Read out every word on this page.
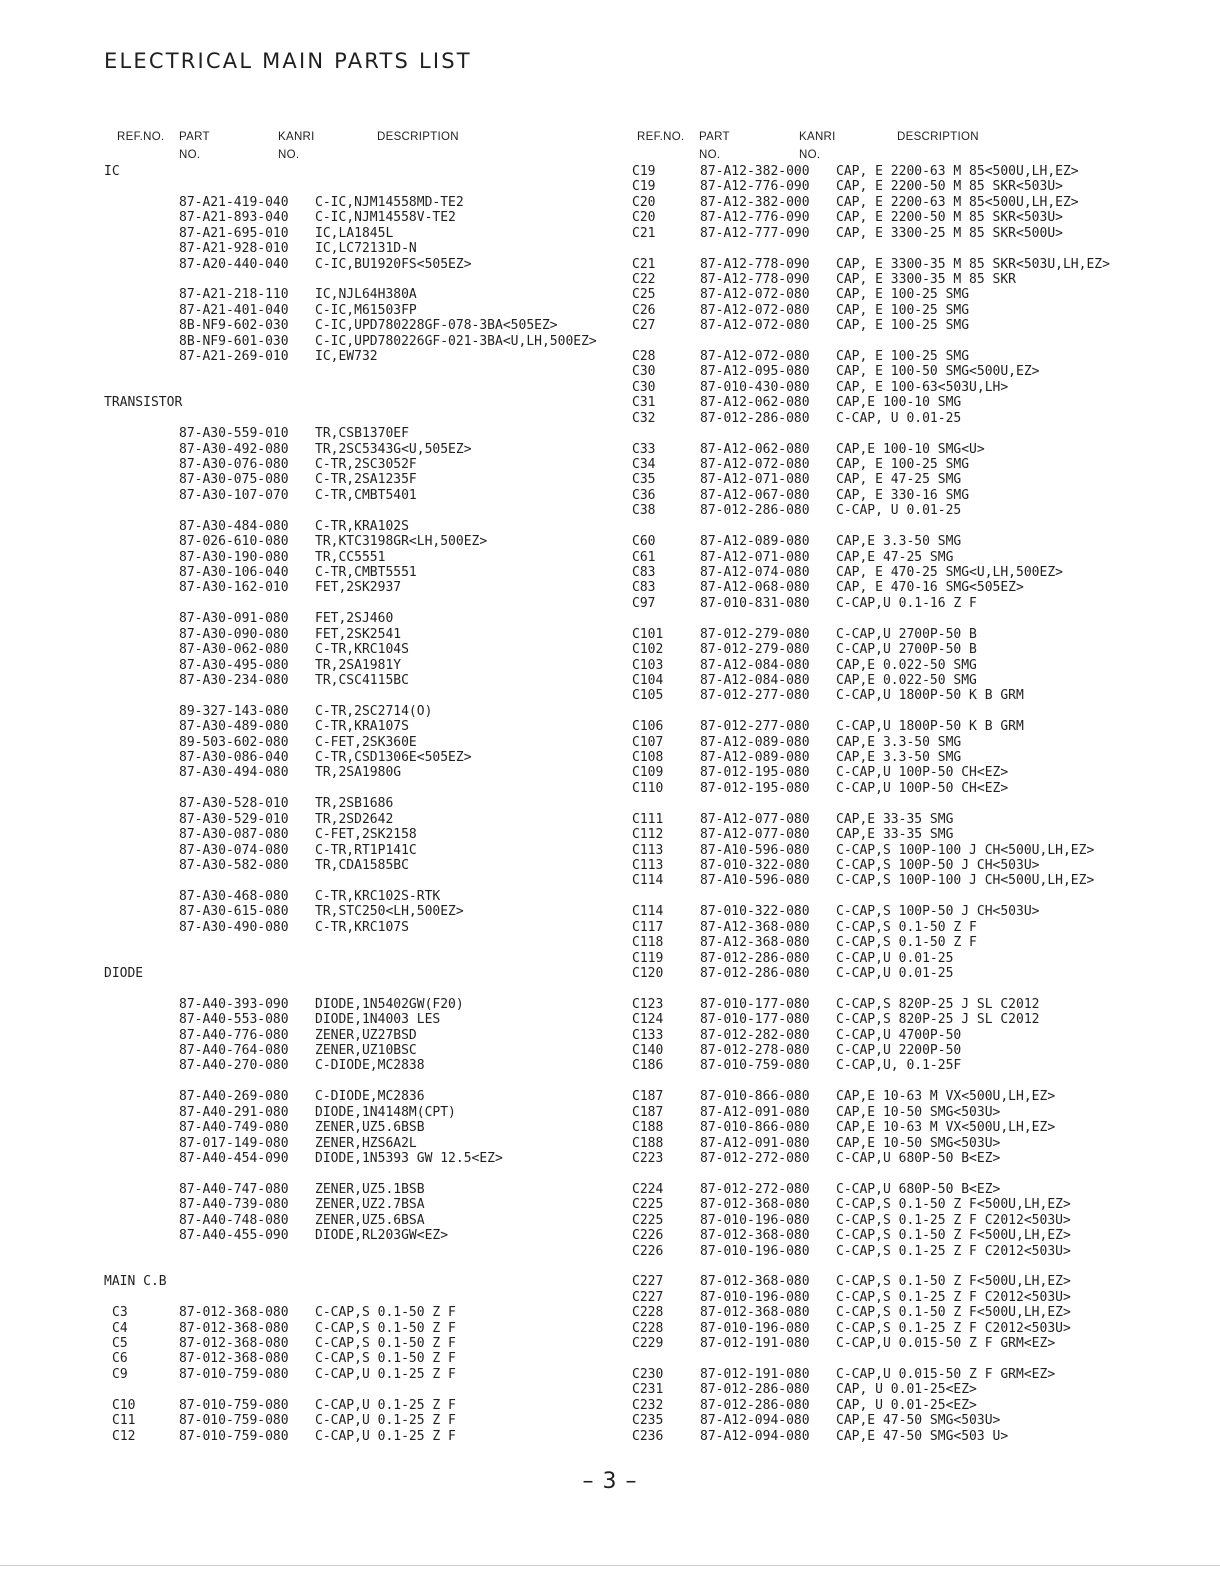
ELECTRICAL MAIN PARTS LIST
REF.NO. PART NO.
KANRI
NO.
DESCRIPTION
IC
87-A21-419-040 C-IC,NJM14558MD-TE2
87-A21-893-040 C-IC,NJM14558V-TE2
87-A21-695-010 IC,LA1845L
87-A21-928-010 IC,LC72131D-N
87-A20-440-040 C-IC,BU1920FS<505EZ>
87-A21-218-110 IC,NJL64H380A
87-A21-401-040 C-IC,M61503FP
8B-NF9-602-030 C-IC,UPD780228GF-078-3BA<505EZ>
8B-NF9-601-030 C-IC,UPD780226GF-021-3BA<U,LH,500EZ>
87-A21-269-010 IC,EW732
TRANSISTOR
87-A30-559-010 TR,CSB1370EF
87-A30-492-080 TR,2SC5343G<U,505EZ>
87-A30-076-080 C-TR,2SC3052F
87-A30-075-080 C-TR,2SA1235F
87-A30-107-070 C-TR,CMBT5401
87-A30-484-080 C-TR,KRA102S
87-026-610-080 TR,KTC3198GR<LH,500EZ>
87-A30-190-080 TR,CC5551
87-A30-106-040 C-TR,CMBT5551
87-A30-162-010 FET,2SK2937
87-A30-091-080 FET,2SJ460
87-A30-090-080 FET,2SK2541
87-A30-062-080 C-TR,KRC104S
87-A30-495-080 TR,2SA1981Y
87-A30-234-080 TR,CSC4115BC
89-327-143-080 C-TR,2SC2714(O)
87-A30-489-080 C-TR,KRA107S
89-503-602-080 C-FET,2SK360E
87-A30-086-040 C-TR,CSD1306E<505EZ>
87-A30-494-080 TR,2SA1980G
87-A30-528-010 TR,2SB1686
87-A30-529-010 TR,2SD2642
87-A30-087-080 C-FET,2SK2158
87-A30-074-080 C-TR,RT1P141C
87-A30-582-080 TR,CDA1585BC
87-A30-468-080 C-TR,KRC102S-RTK
87-A30-615-080 TR,STC250<LH,500EZ>
87-A30-490-080 C-TR,KRC107S
DIODE
87-A40-393-090 DIODE,1N5402GW(F20)
87-A40-553-080 DIODE,1N4003 LES
87-A40-776-080 ZENER,UZ27BSD
87-A40-764-080 ZENER,UZ10BSC
87-A40-270-080 C-DIODE,MC2838
87-A40-269-080 C-DIODE,MC2836
87-A40-291-080 DIODE,1N4148M(CPT)
87-A40-749-080 ZENER,UZ5.6BSB
87-017-149-080 ZENER,HZS6A2L
87-A40-454-090 DIODE,1N5393 GW 12.5<EZ>
87-A40-747-080 ZENER,UZ5.1BSB
87-A40-739-080 ZENER,UZ2.7BSA
87-A40-748-080 ZENER,UZ5.6BSA
87-A40-455-090 DIODE,RL203GW<EZ>
MAIN C.B
C3	87-012-368-080 C-CAP,S 0.1-50 Z F
C4	87-012-368-080 C-CAP,S 0.1-50 Z F
C5	87-012-368-080 C-CAP,S 0.1-50 Z F
C6	87-012-368-080 C-CAP,S 0.1-50 Z F
C9	87-010-759-080 C-CAP,U 0.1-25 Z F
C10	87-010-759-080 C-CAP,U 0.1-25 Z F
C11	87-010-759-080 C-CAP,U 0.1-25 Z F
C12	87-010-759-080 C-CAP,U 0.1-25 Z F
REF.NO. PART NO.
KANRI
NO.
DESCRIPTION
C19	87-A12-382-000 CAP, E 2200-63 M 85<500U,LH,EZ>
C19	87-A12-776-090 CAP, E 2200-50 M 85 SKR<503U>
C20	87-A12-382-000 CAP, E 2200-63 M 85<500U,LH,EZ>
C20	87-A12-776-090 CAP, E 2200-50 M 85 SKR<503U>
C21	87-A12-777-090 CAP, E 3300-25 M 85 SKR<500U>
C21	87-A12-778-090 CAP, E 3300-35 M 85 SKR<503U,LH,EZ>
C22	87-A12-778-090 CAP, E 3300-35 M 85 SKR
C25	87-A12-072-080 CAP, E 100-25 SMG
C26	87-A12-072-080 CAP, E 100-25 SMG
C27	87-A12-072-080 CAP, E 100-25 SMG
C28	87-A12-072-080 CAP, E 100-25 SMG
C30	87-A12-095-080 CAP, E 100-50 SMG<500U,EZ>
C30	87-010-430-080 CAP, E 100-63<503U,LH>
C31	87-A12-062-080 CAP,E 100-10 SMG
C32	87-012-286-080 C-CAP, U 0.01-25
C33	87-A12-062-080 CAP,E 100-10 SMG<U>
C34	87-A12-072-080 CAP, E 100-25 SMG
C35	87-A12-071-080 CAP, E 47-25 SMG
C36	87-A12-067-080 CAP, E 330-16 SMG
C38	87-012-286-080 C-CAP, U 0.01-25
C60	87-A12-089-080 CAP,E 3.3-50 SMG
C61	87-A12-071-080 CAP,E 47-25 SMG
C83	87-A12-074-080 CAP, E 470-25 SMG<U,LH,500EZ>
C83	87-A12-068-080 CAP, E 470-16 SMG<505EZ>
C97	87-010-831-080 C-CAP,U 0.1-16 Z F
C101	87-012-279-080 C-CAP,U 2700P-50 B
C102	87-012-279-080 C-CAP,U 2700P-50 B
C103	87-A12-084-080 CAP,E 0.022-50 SMG
C104	87-A12-084-080 CAP,E 0.022-50 SMG
C105	87-012-277-080 C-CAP,U 1800P-50 K B GRM
C106	87-012-277-080 C-CAP,U 1800P-50 K B GRM
C107	87-A12-089-080 CAP,E 3.3-50 SMG
C108	87-A12-089-080 CAP,E 3.3-50 SMG
C109	87-012-195-080 C-CAP,U 100P-50 CH<EZ>
C110	87-012-195-080 C-CAP,U 100P-50 CH<EZ>
C111	87-A12-077-080 CAP,E 33-35 SMG
C112	87-A12-077-080 CAP,E 33-35 SMG
C113	87-A10-596-080 C-CAP,S 100P-100 J CH<500U,LH,EZ>
C113	87-010-322-080 C-CAP,S 100P-50 J CH<503U>
C114	87-A10-596-080 C-CAP,S 100P-100 J CH<500U,LH,EZ>
C114	87-010-322-080 C-CAP,S 100P-50 J CH<503U>
C117	87-A12-368-080 C-CAP,S 0.1-50 Z F
C118	87-A12-368-080 C-CAP,S 0.1-50 Z F
C119	87-012-286-080 C-CAP,U 0.01-25
C120	87-012-286-080 C-CAP,U 0.01-25
C123	87-010-177-080 C-CAP,S 820P-25 J SL C2012
C124	87-010-177-080 C-CAP,S 820P-25 J SL C2012
C133	87-012-282-080 C-CAP,U 4700P-50
C140	87-012-278-080 C-CAP,U 2200P-50
C186	87-010-759-080 C-CAP,U, 0.1-25F
C187	87-010-866-080 CAP,E 10-63 M VX<500U,LH,EZ>
C187	87-A12-091-080 CAP,E 10-50 SMG<503U>
C188	87-010-866-080 CAP,E 10-63 M VX<500U,LH,EZ>
C188	87-A12-091-080 CAP,E 10-50 SMG<503U>
C223	87-012-272-080 C-CAP,U 680P-50 B<EZ>
C224	87-012-272-080 C-CAP,U 680P-50 B<EZ>
C225	87-012-368-080 C-CAP,S 0.1-50 Z F<500U,LH,EZ>
C225	87-010-196-080 C-CAP,S 0.1-25 Z F C2012<503U>
C226	87-012-368-080 C-CAP,S 0.1-50 Z F<500U,LH,EZ>
C226	87-010-196-080 C-CAP,S 0.1-25 Z F C2012<503U>
C227	87-012-368-080 C-CAP,S 0.1-50 Z F<500U,LH,EZ>
C227	87-010-196-080 C-CAP,S 0.1-25 Z F C2012<503U>
C228	87-012-368-080 C-CAP,S 0.1-50 Z F<500U,LH,EZ>
C228	87-010-196-080 C-CAP,S 0.1-25 Z F C2012<503U>
C229	87-012-191-080 C-CAP,U 0.015-50 Z F GRM<EZ>
C230	87-012-191-080 C-CAP,U 0.015-50 Z F GRM<EZ>
C231	87-012-286-080 CAP, U 0.01-25<EZ>
C232	87-012-286-080 CAP, U 0.01-25<EZ>
C235	87-A12-094-080 CAP,E 47-50 SMG<503U>
C236	87-A12-094-080 CAP,E 47-50 SMG<503 U>
– 3 –
